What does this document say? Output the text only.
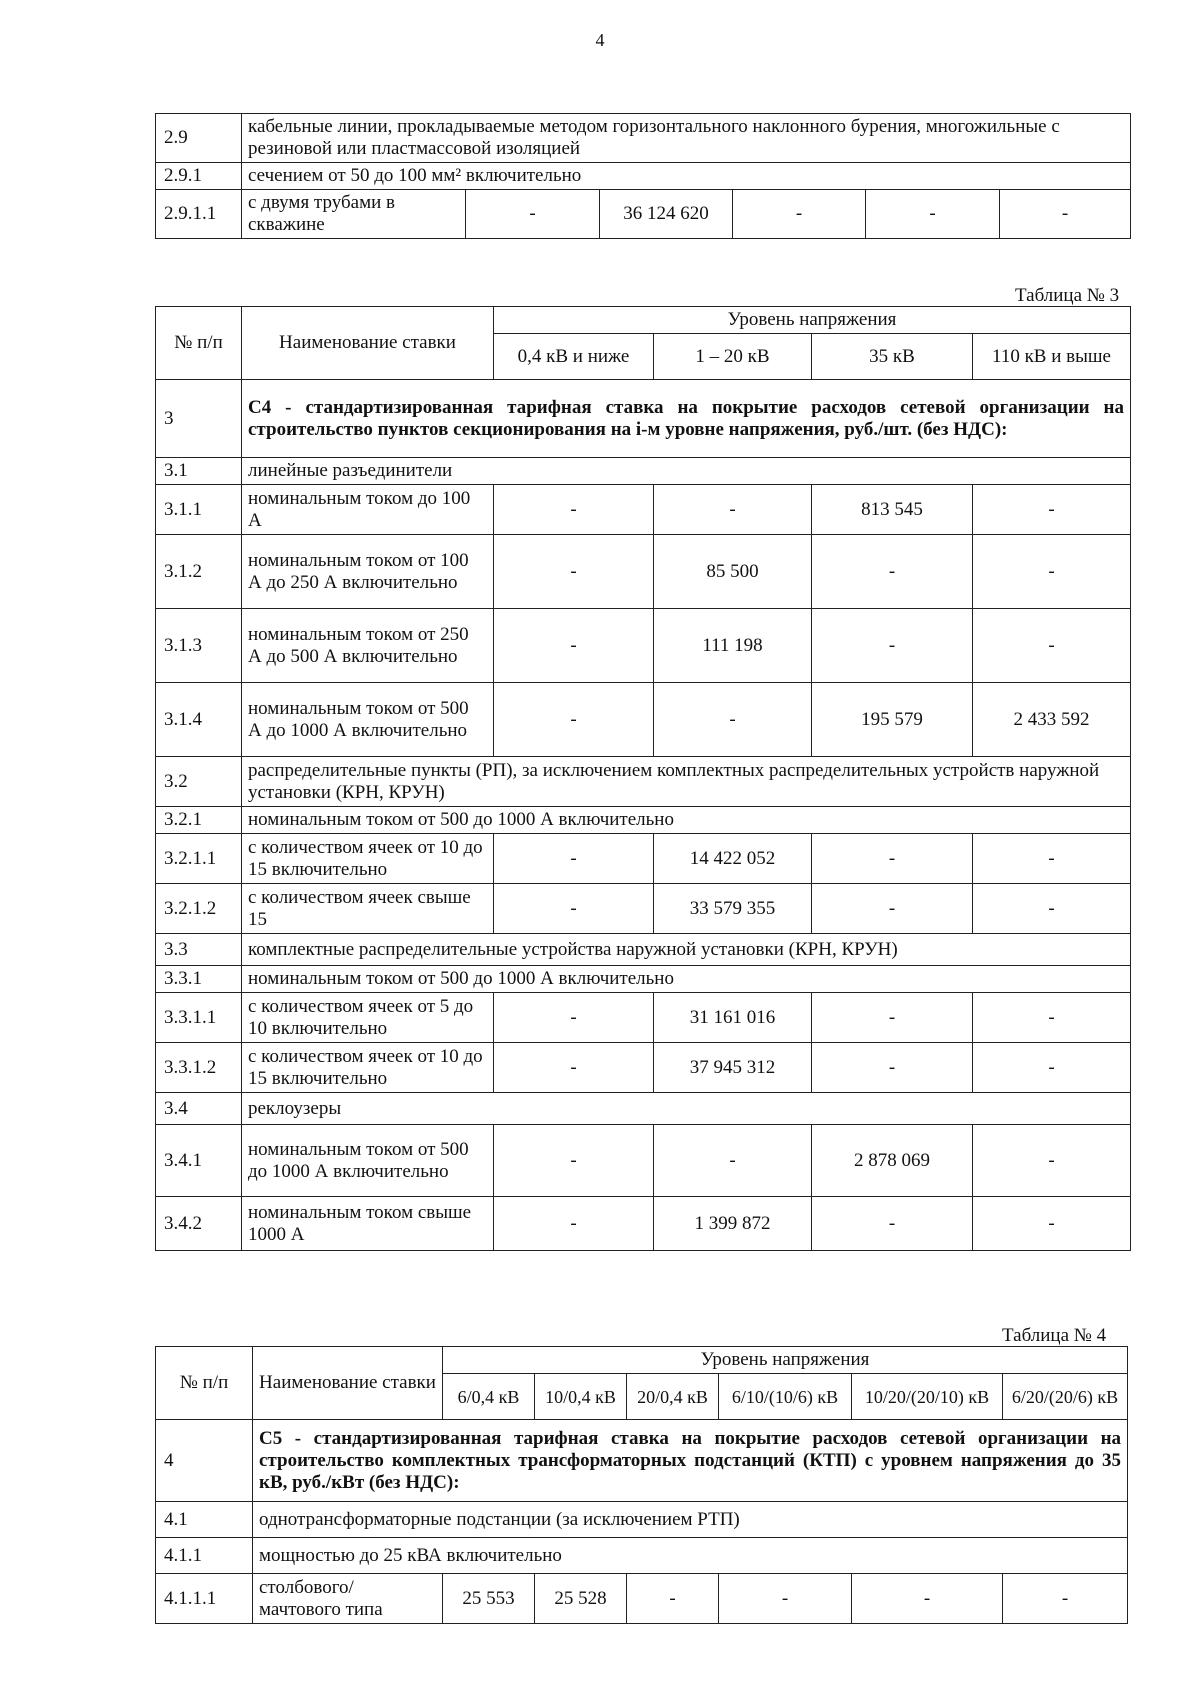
4
2.9	кабельные линии, прокладываемые методом горизонтального наклонного бурения, многожильные с резиновой или пластмассовой изоляцией					
2.9.1	сечением от 50 до 100 мм² включительно					
2.9.1.1	с двумя трубами в скважине	-	36 124 620	-	-	-
Таблица № 3
№ п/п	Наименование ставки	Уровень напряжения			
		0,4 кВ и ниже	1 – 20 кВ	35 кВ	110 кВ и выше
3	С4 - стандартизированная тарифная ставка на покрытие расходов сетевой организации на строительство пунктов секционирования на i-м уровне напряжения, руб./шт. (без НДС):				
3.1	линейные разъединители				
3.1.1	номинальным током до 100 А	-	-	813 545	-
3.1.2	номинальным током от 100 А до 250 А включительно	-	85 500	-	-
3.1.3	номинальным током от 250 А до 500 А включительно	-	111 198	-	-
3.1.4	номинальным током от 500 А до 1000 А включительно	-	-	195 579	2 433 592
3.2	распределительные пункты (РП), за исключением комплектных распределительных устройств наружной установки (КРН, КРУН)				
3.2.1	номинальным током от 500 до 1000 А включительно				
3.2.1.1	с количеством ячеек от 10 до 15 включительно	-	14 422 052	-	-
3.2.1.2	с количеством ячеек свыше 15	-	33 579 355	-	-
3.3	комплектные распределительные устройства наружной установки (КРН, КРУН)				
3.3.1	номинальным током от 500 до 1000 А включительно				
3.3.1.1	с количеством ячеек от 5 до 10 включительно	-	31 161 016	-	-
3.3.1.2	с количеством ячеек от 10 до 15 включительно	-	37 945 312	-	-
3.4	реклоузеры				
3.4.1	номинальным током от 500 до 1000 А включительно	-	-	2 878 069	-
3.4.2	номинальным током свыше 1000 А	-	1 399 872	-	-
Таблица № 4
№ п/п	Наименование ставки	Уровень напряжения					
		6/0,4 кВ	10/0,4 кВ	20/0,4 кВ	6/10/(10/6) кВ	10/20/(20/10) кВ	6/20/(20/6) кВ
4	С5 - стандартизированная тарифная ставка на покрытие расходов сетевой организации на строительство комплектных трансформаторных подстанций (КТП) с уровнем напряжения до 35 кВ, руб./кВт (без НДС):						
4.1	однотрансформаторные подстанции (за исключением РТП)						
4.1.1	мощностью до 25 кВА включительно						
4.1.1.1	столбового/ мачтового типа	25 553	25 528	-	-	-	-
